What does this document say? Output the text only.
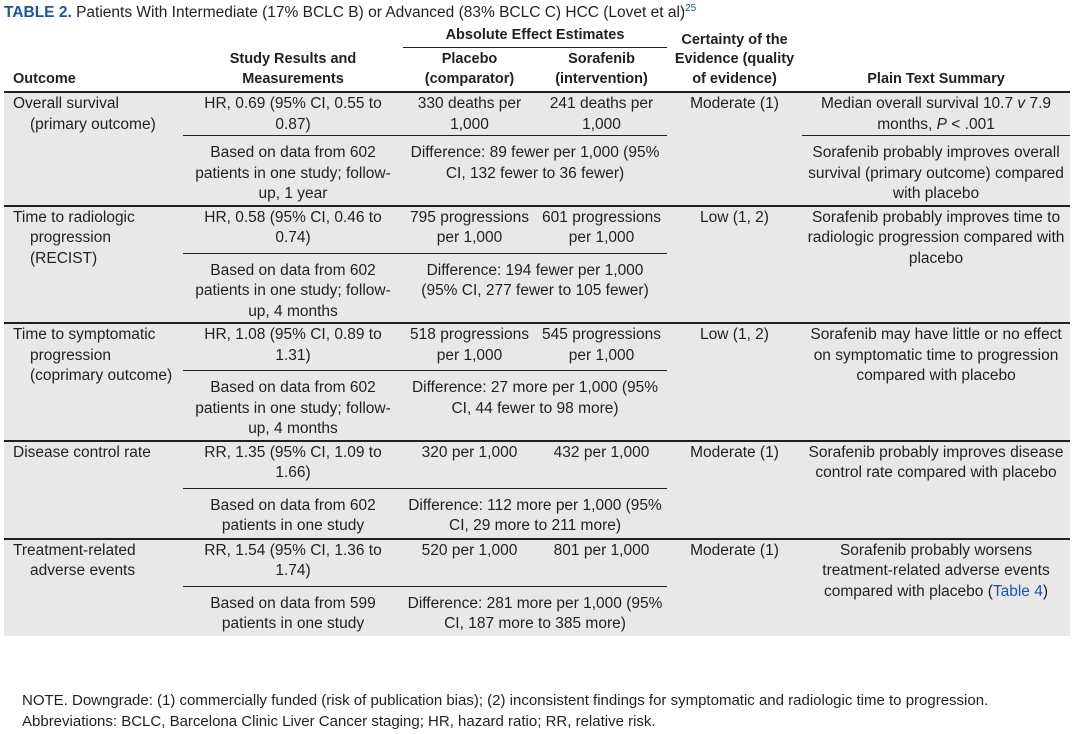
TABLE 2. Patients With Intermediate (17% BCLC B) or Advanced (83% BCLC C) HCC (Lovet et al)$^{25}$
		Absolute Effect Estimates		Certainty of the Evidence (quality of evidence)	
Outcome	Study Results and Measurements	Placebo (comparator)	Sorafenib (intervention)		Plain Text Summary

Overall survival (primary outcome)	HR, 0.69 (95% CI, 0.55 to 0.87)	330 deaths per 1,000	241 deaths per 1,000	Moderate (1)	Median overall survival 10.7 v 7.9 months, P < .001
	Based on data from 602 patients in one study; follow-up, 1 year	Difference: 89 fewer per 1,000 (95% CI, 132 fewer to 36 fewer)			Sorafenib probably improves overall survival (primary outcome) compared with placebo

Time to radiologic progression (RECIST)	HR, 0.58 (95% CI, 0.46 to 0.74)	795 progressions per 1,000	601 progressions per 1,000	Low (1, 2)	Sorafenib probably improves time to radiologic progression compared with placebo
	Based on data from 602 patients in one study; follow-up, 4 months	Difference: 194 fewer per 1,000 (95% CI, 277 fewer to 105 fewer)			

Time to symptomatic progression (coprimary outcome)	HR, 1.08 (95% CI, 0.89 to 1.31)	518 progressions per 1,000	545 progressions per 1,000	Low (1, 2)	Sorafenib may have little or no effect on symptomatic time to progression compared with placebo
	Based on data from 602 patients in one study; follow-up, 4 months	Difference: 27 more per 1,000 (95% CI, 44 fewer to 98 more)			

Disease control rate	RR, 1.35 (95% CI, 1.09 to 1.66)	320 per 1,000	432 per 1,000	Moderate (1)	Sorafenib probably improves disease control rate compared with placebo
	Based on data from 602 patients in one study	Difference: 112 more per 1,000 (95% CI, 29 more to 211 more)			

Treatment-related adverse events	RR, 1.54 (95% CI, 1.36 to 1.74)	520 per 1,000	801 per 1,000	Moderate (1)	Sorafenib probably worsens treatment-related adverse events compared with placebo (Table 4)
	Based on data from 599 patients in one study	Difference: 281 more per 1,000 (95% CI, 187 more to 385 more)			
NOTE. Downgrade: (1) commercially funded (risk of publication bias); (2) inconsistent findings for symptomatic and radiologic time to progression.
Abbreviations: BCLC, Barcelona Clinic Liver Cancer staging; HR, hazard ratio; RR, relative risk.
